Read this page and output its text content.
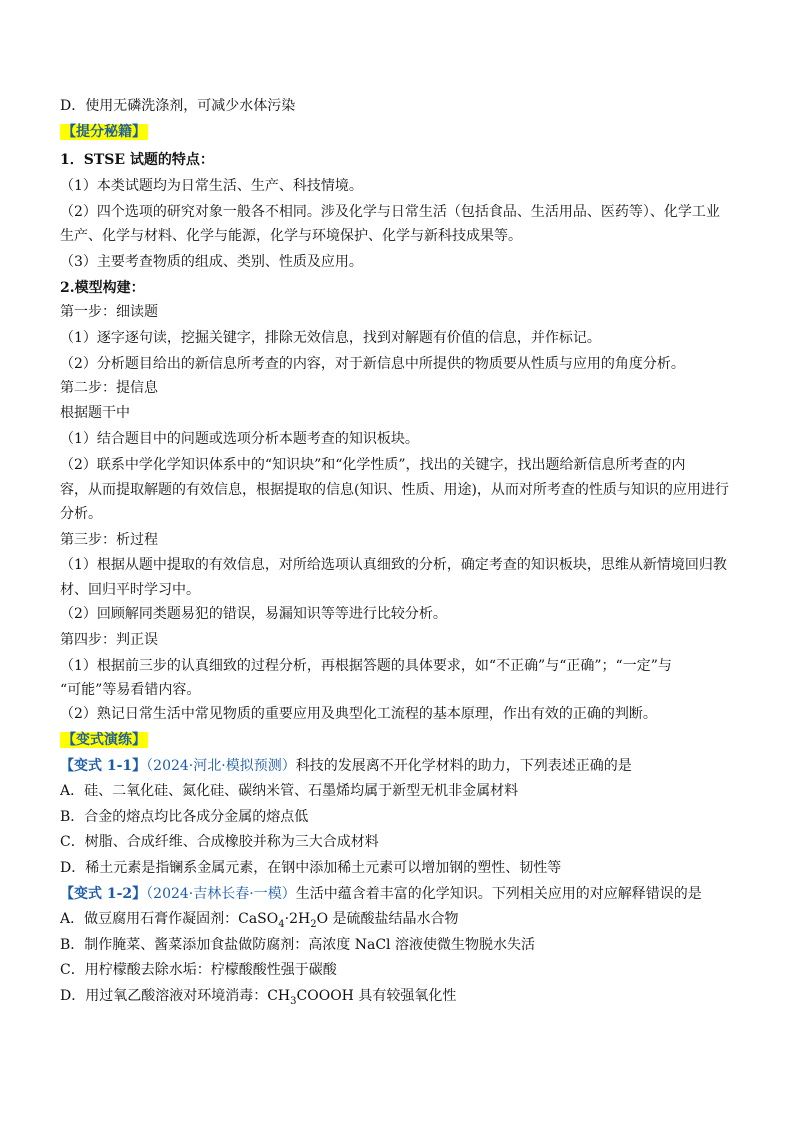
D．使用无磷洗涤剂，可减少水体污染
【提分秘籍】
1．STSE 试题的特点：
（1）本类试题均为日常生活、生产、科技情境。
（2）四个选项的研究对象一般各不相同。涉及化学与日常生活（包括食品、生活用品、医药等）、化学工业
生产、化学与材料、化学与能源，化学与环境保护、化学与新科技成果等。
（3）主要考查物质的组成、类别、性质及应用。
2.模型构建：
第一步：细读题
（1）逐字逐句读，挖掘关键字，排除无效信息，找到对解题有价值的信息，并作标记。
（2）分析题目给出的新信息所考查的内容，对于新信息中所提供的物质要从性质与应用的角度分析。
第二步：提信息
根据题干中
（1）结合题目中的问题或选项分析本题考查的知识板块。
（2）联系中学化学知识体系中的“知识块”和“化学性质”，找出的关键字，找出题给新信息所考查的内
容，从而提取解题的有效信息，根据提取的信息(知识、性质、用途)，从而对所考查的性质与知识的应用进行
分析。
第三步：析过程
（1）根据从题中提取的有效信息，对所给选项认真细致的分析，确定考查的知识板块，思维从新情境回归教
材、回归平时学习中。
（2）回顾解同类题易犯的错误，易漏知识等等进行比较分析。
第四步：判正误
（1）根据前三步的认真细致的过程分析，再根据答题的具体要求，如“不正确”与“正确”；“一定”与
“可能”等易看错内容。
（2）熟记日常生活中常见物质的重要应用及典型化工流程的基本原理，作出有效的正确的判断。
【变式演练】
【变式 1-1】（2024·河北·模拟预测）科技的发展离不开化学材料的助力，下列表述正确的是
A．硅、二氧化硅、氮化硅、碳纳米管、石墨烯均属于新型无机非金属材料
B．合金的熔点均比各成分金属的熔点低
C．树脂、合成纤维、合成橡胶并称为三大合成材料
D．稀土元素是指镧系金属元素，在钢中添加稀土元素可以增加钢的塑性、韧性等
【变式 1-2】（2024·吉林长春·一模）生活中蕴含着丰富的化学知识。下列相关应用的对应解释错误的是
A．做豆腐用石膏作凝固剂：$CaSO_4\cdot 2H_2O$ 是硫酸盐结晶水合物
B．制作腌菜、酱菜添加食盐做防腐剂：高浓度 NaCl 溶液使微生物脱水失活
C．用柠檬酸去除水垢：柠檬酸酸性强于碳酸
D．用过氧乙酸溶液对环境消毒：$CH_3COOOH$ 具有较强氧化性
